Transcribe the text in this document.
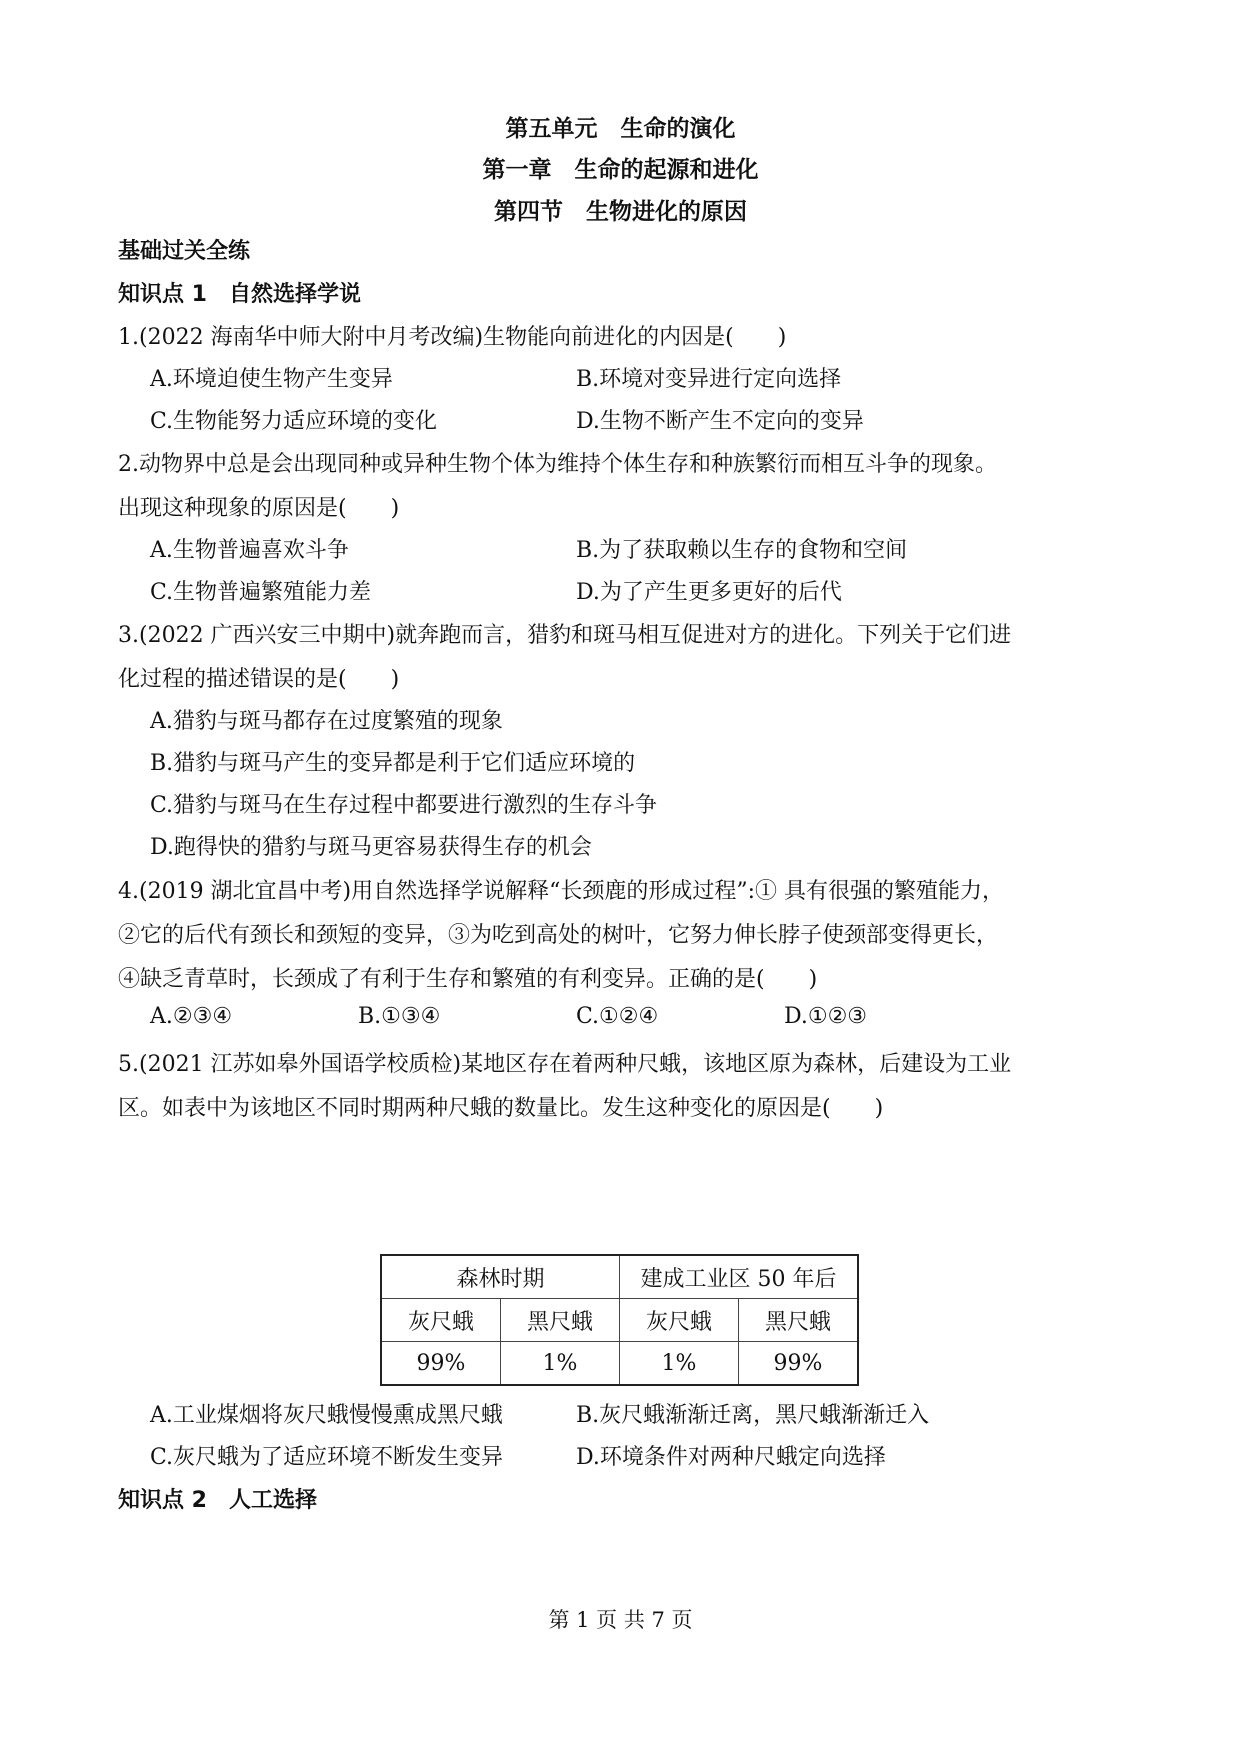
第五单元　生命的演化
第一章　生命的起源和进化
第四节　生物进化的原因
基础过关全练
知识点 1　自然选择学说
1.(2022 海南华中师大附中月考改编)生物能向前进化的内因是(　　)
A.环境迫使生物产生变异	B.环境对变异进行定向选择
C.生物能努力适应环境的变化	D.生物不断产生不定向的变异
2.动物界中总是会出现同种或异种生物个体为维持个体生存和种族繁衍而相互斗争的现象。
出现这种现象的原因是(　　)
A.生物普遍喜欢斗争	B.为了获取赖以生存的食物和空间
C.生物普遍繁殖能力差	D.为了产生更多更好的后代
3.(2022 广西兴安三中期中)就奔跑而言，猎豹和斑马相互促进对方的进化。下列关于它们进
化过程的描述错误的是(　　)
A.猎豹与斑马都存在过度繁殖的现象
B.猎豹与斑马产生的变异都是利于它们适应环境的
C.猎豹与斑马在生存过程中都要进行激烈的生存斗争
D.跑得快的猎豹与斑马更容易获得生存的机会
4.(2019 湖北宜昌中考)用自然选择学说解释“长颈鹿的形成过程”:① 具有很强的繁殖能力，
②它的后代有颈长和颈短的变异，③为吃到高处的树叶，它努力伸长脖子使颈部变得更长，
④缺乏青草时，长颈成了有利于生存和繁殖的有利变异。正确的是(　　)
A.②③④	B.①③④	C.①②④	D.①②③
5.(2021 江苏如皋外国语学校质检)某地区存在着两种尺蛾，该地区原为森林，后建设为工业
区。如表中为该地区不同时期两种尺蛾的数量比。发生这种变化的原因是(　　)
森林时期		建成工业区 50 年后	
灰尺蛾	黑尺蛾	灰尺蛾	黑尺蛾
99%	1%	1%	99%
A.工业煤烟将灰尺蛾慢慢熏成黑尺蛾	B.灰尺蛾渐渐迁离，黑尺蛾渐渐迁入
C.灰尺蛾为了适应环境不断发生变异	D.环境条件对两种尺蛾定向选择
知识点 2　人工选择
第 1 页 共 7 页
